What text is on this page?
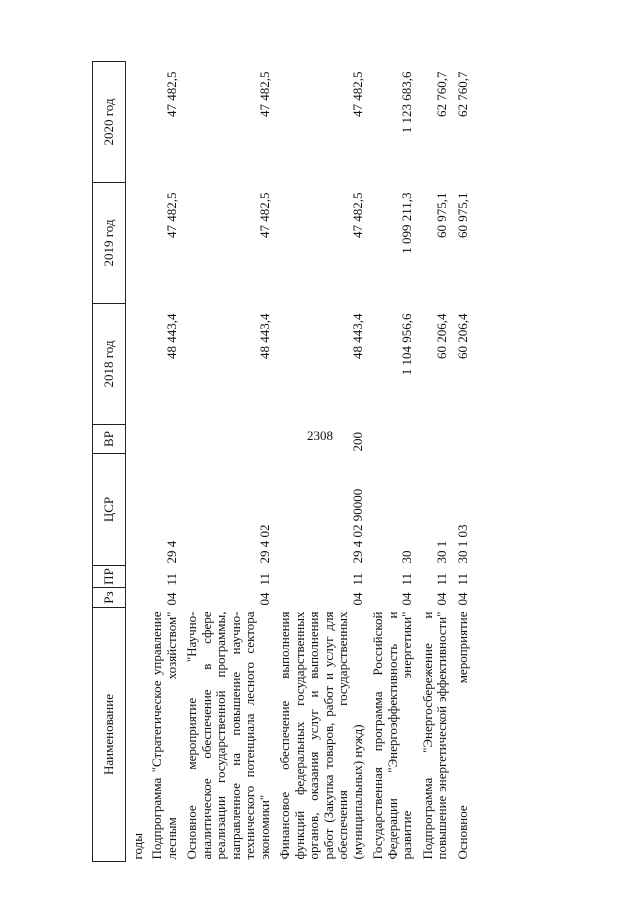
2308
Наименование	Рз	ПР	ЦСР	ВР	2018 год	2019 год	2020 год
годы							
Подпрограмма "Стратегическое управление лесным хозяйством"	04	11	29 4		48 443,4	47 482,5	47 482,5

Основное мероприятие "Научно-аналитическое обеспечение в сфере реализации государственной программы, направленное на повышение научно-технического потенциала лесного сектора экономики"	04	11	29 4 02		48 443,4	47 482,5	47 482,5

Финансовое обеспечение выполнения функций федеральных государственных органов, оказания услуг и выполнения работ (Закупка товаров, работ и услуг для обеспечения государственных (муниципальных) нужд)	04	11	29 4 02 90000	200	48 443,4	47 482,5	47 482,5

Государственная программа Российской Федерации "Энергоэффективность и развитие энергетики"	04	11	30		1 104 956,6	1 099 211,3	1 123 683,6

Подпрограмма "Энергосбережение и повышение энергетической эффективности"	04	11	30 1		60 206,4	60 975,1	62 760,7

Основное мероприятие	04	11	30 1 03		60 206,4	60 975,1	62 760,7
